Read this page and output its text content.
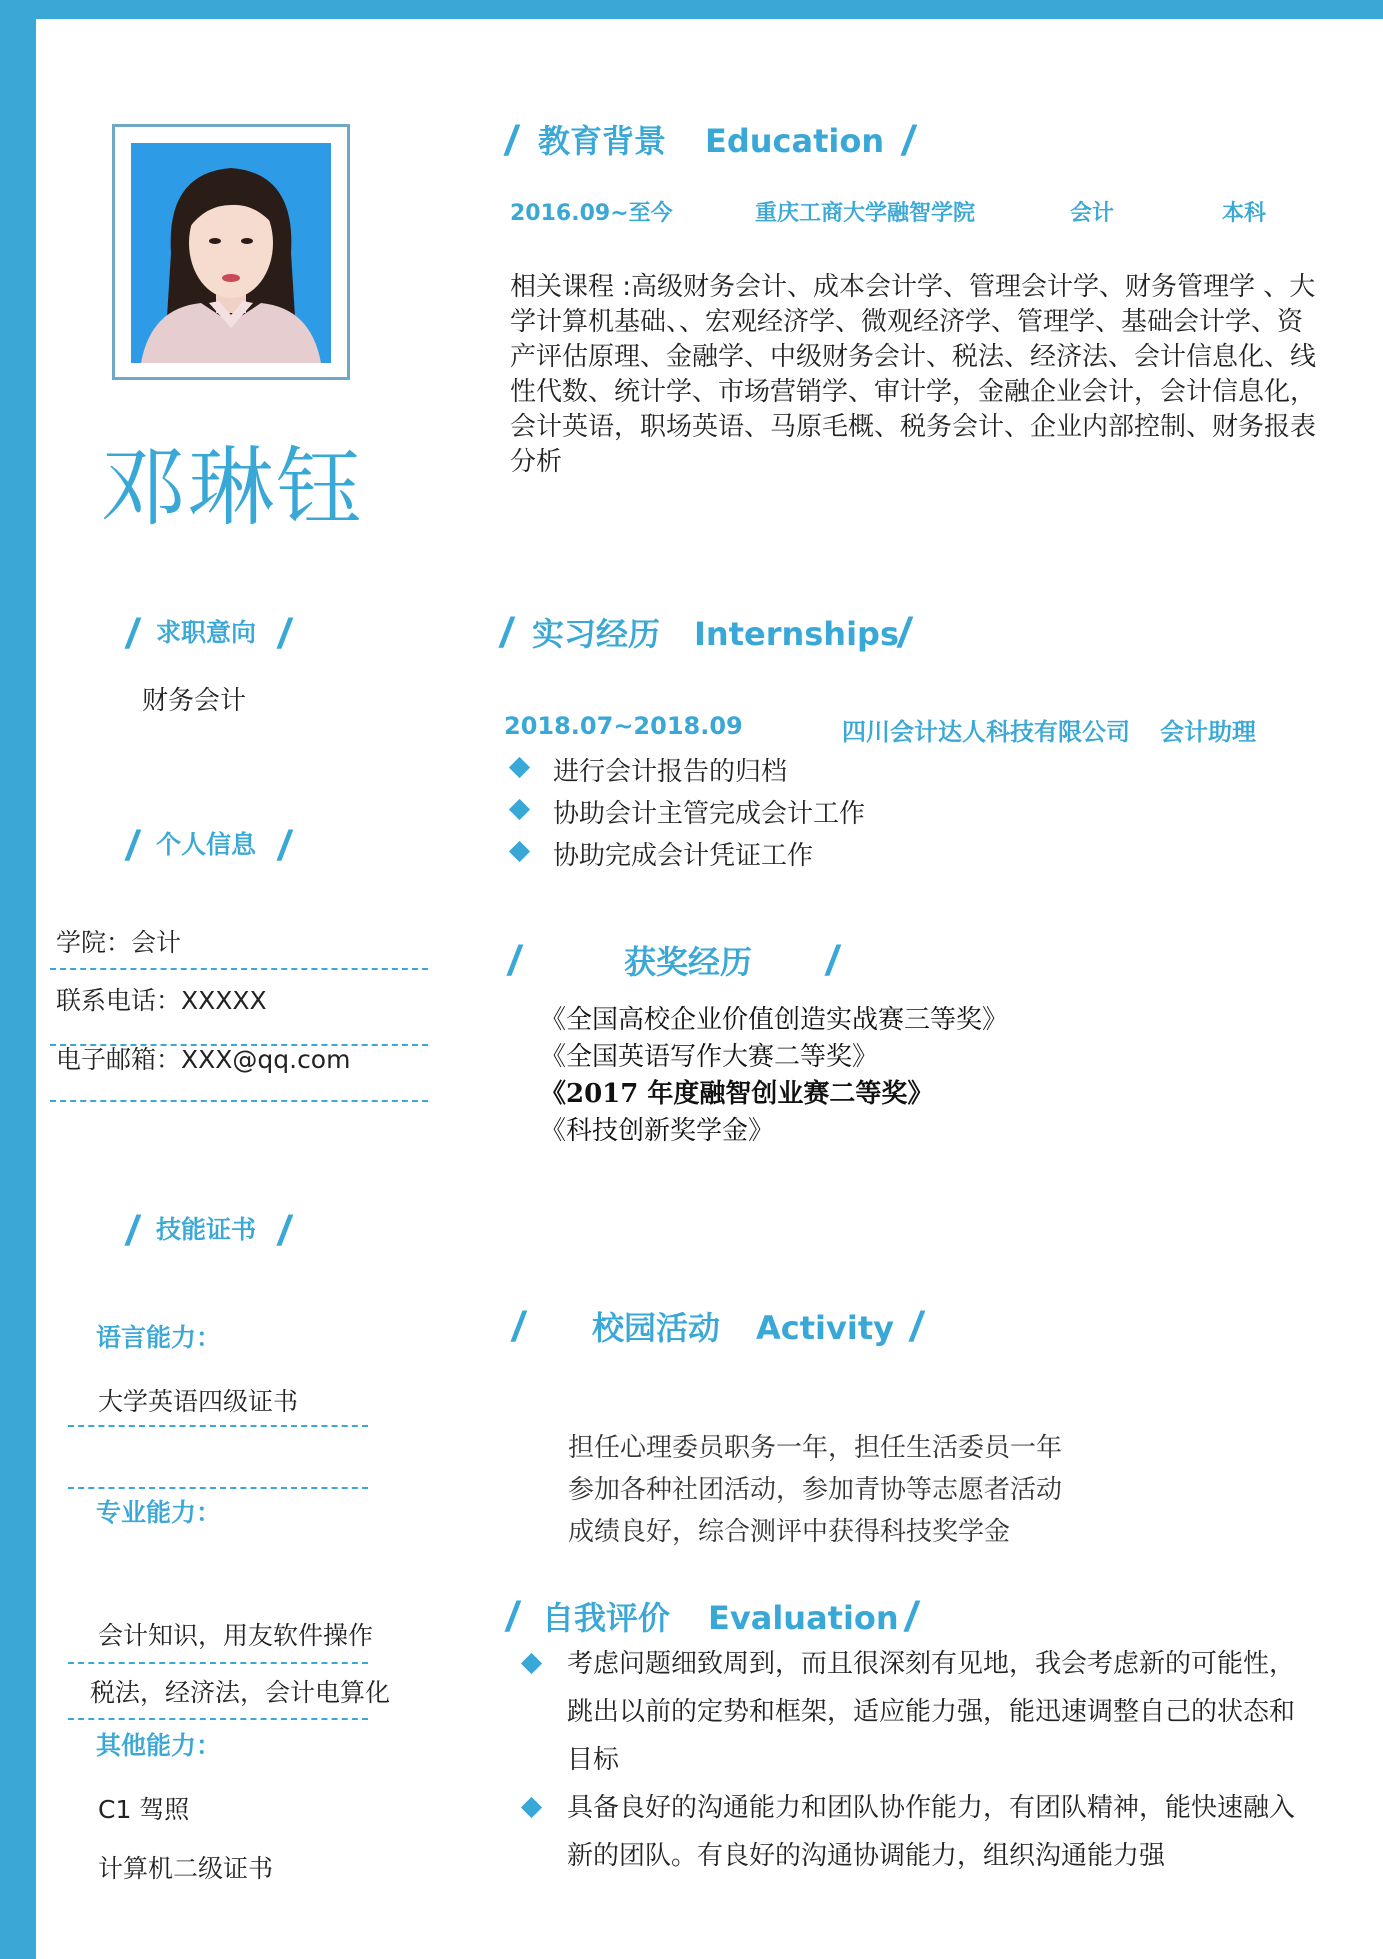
邓琳钰
/ 教育背景 Education /
2016.09~至今	重庆工商大学融智学院	会计	本科
相关课程 :高级财务会计、成本会计学、管理会计学、财务管理学 、大学计算机基础、、宏观经济学、微观经济学、管理学、基础会计学、资产评估原理、金融学、中级财务会计、税法、经济法、会计信息化、线性代数、统计学、市场营销学、审计学，金融企业会计，会计信息化，会计英语，职场英语、马原毛概、税务会计、企业内部控制、财务报表分析
/ 求职意向 /
财务会计
/ 个人信息 /
学院：会计
联系电话：XXXXX
电子邮箱：XXX@qq.com
/ 技能证书 /
语言能力：
大学英语四级证书
专业能力：
会计知识，用友软件操作
税法，经济法，会计电算化
其他能力：
C1 驾照
计算机二级证书
/ 实习经历 Internships /
2018.07~2018.09	四川会计达人科技有限公司 会计助理
进行会计报告的归档
协助会计主管完成会计工作
协助完成会计凭证工作
/	获奖经历 /
《全国高校企业价值创造实战赛三等奖》
《全国英语写作大赛二等奖》
《2017 年度融智创业赛二等奖》
《科技创新奖学金》
/ 校园活动 Activity /
担任心理委员职务一年，担任生活委员一年
参加各种社团活动，参加青协等志愿者活动
成绩良好，综合测评中获得科技奖学金
/ 自我评价 Evaluation /
考虑问题细致周到，而且很深刻有见地，我会考虑新的可能性，跳出以前的定势和框架，适应能力强，能迅速调整自己的状态和目标
具备良好的沟通能力和团队协作能力，有团队精神，能快速融入新的团队。有良好的沟通协调能力，组织沟通能力强
